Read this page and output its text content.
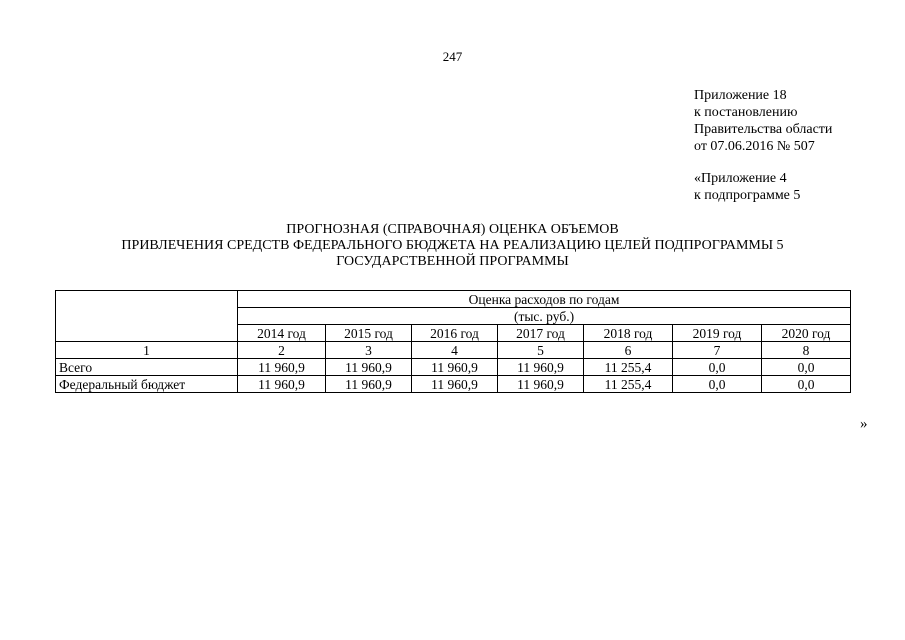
247
Приложение 18
к постановлению
Правительства области
от 07.06.2016 № 507
«Приложение 4
к подпрограмме 5
ПРОГНОЗНАЯ (СПРАВОЧНАЯ) ОЦЕНКА ОБЪЕМОВ
ПРИВЛЕЧЕНИЯ СРЕДСТВ ФЕДЕРАЛЬНОГО БЮДЖЕТА НА РЕАЛИЗАЦИЮ ЦЕЛЕЙ ПОДПРОГРАММЫ 5
ГОСУДАРСТВЕННОЙ ПРОГРАММЫ
	Оценка расходов по годам						
	(тыс. руб.)						
	2014 год	2015 год	2016 год	2017 год	2018 год	2019 год	2020 год
1	2	3	4	5	6	7	8
Всего	11 960,9	11 960,9	11 960,9	11 960,9	11 255,4	0,0	0,0
Федеральный бюджет	11 960,9	11 960,9	11 960,9	11 960,9	11 255,4	0,0	0,0
»
